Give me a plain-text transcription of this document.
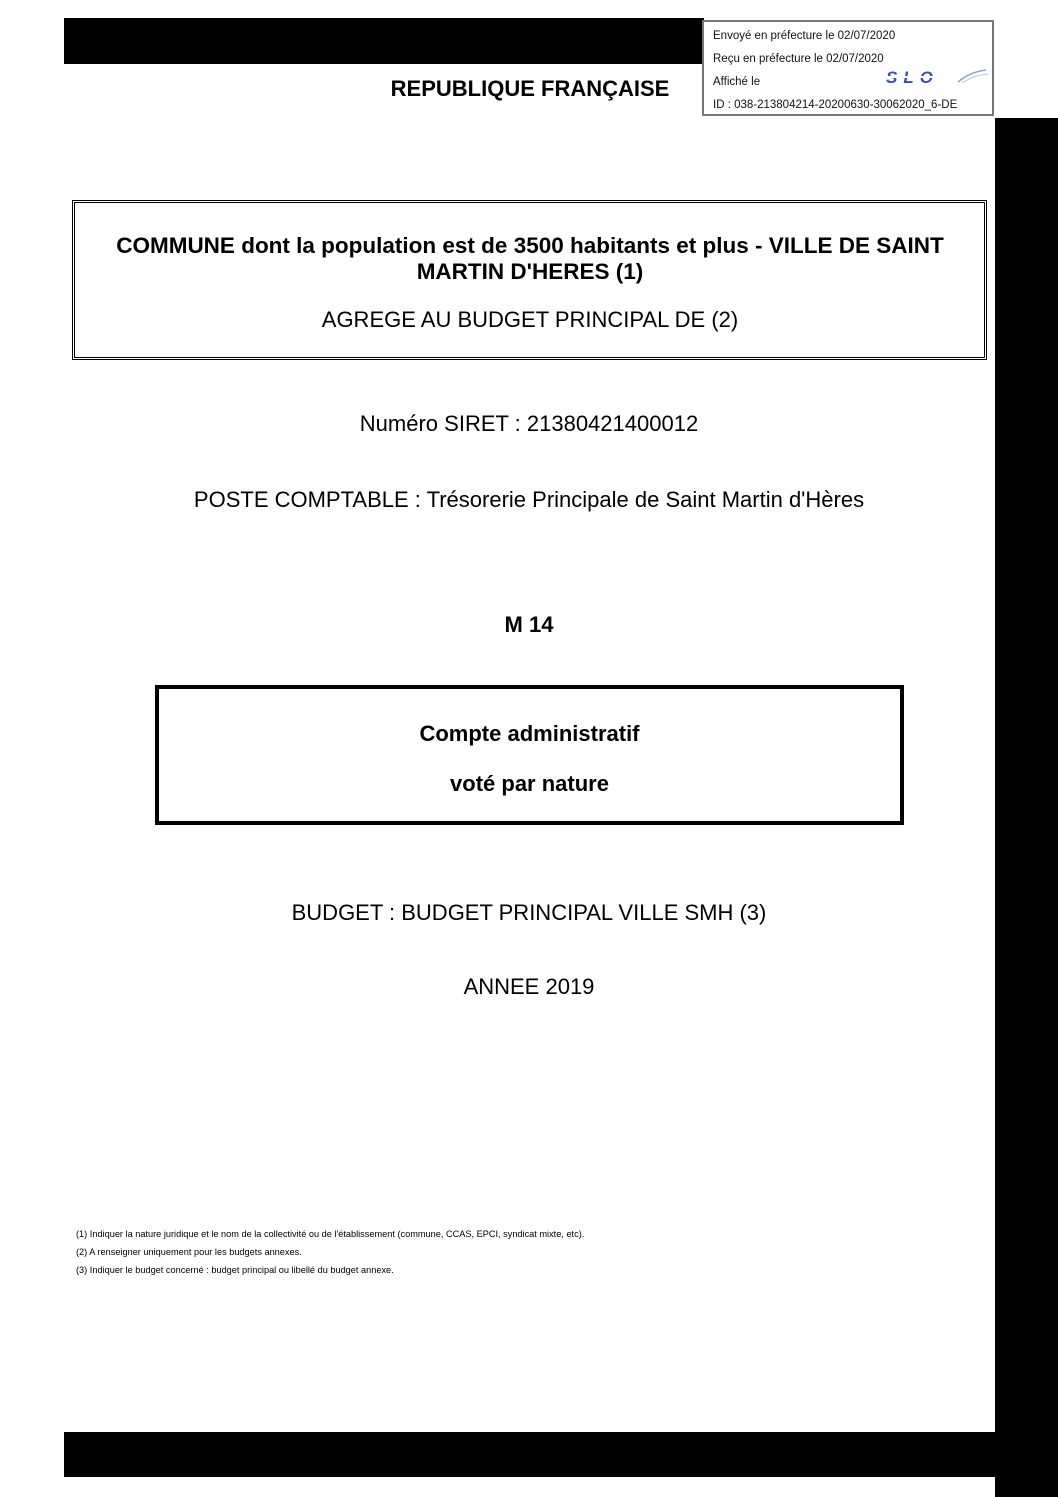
Envoyé en préfecture le 02/07/2020
Reçu en préfecture le 02/07/2020
Affiché le	SLO
ID : 038-213804214-20200630-30062020_6-DE
REPUBLIQUE FRANÇAISE
COMMUNE dont la population est de 3500 habitants et plus - VILLE DE SAINT MARTIN D'HERES (1)
AGREGE AU BUDGET PRINCIPAL DE (2)
Numéro SIRET : 21380421400012
POSTE COMPTABLE : Trésorerie Principale de Saint Martin d'Hères
M 14
Compte administratif
voté par nature
BUDGET : BUDGET PRINCIPAL VILLE SMH (3)
ANNEE 2019
(1) Indiquer la nature juridique et le nom de la collectivité ou de l'établissement (commune, CCAS, EPCI, syndicat mixte, etc).
(2) A renseigner uniquement pour les budgets annexes.
(3) Indiquer le budget concerné : budget principal ou libellé du budget annexe.
